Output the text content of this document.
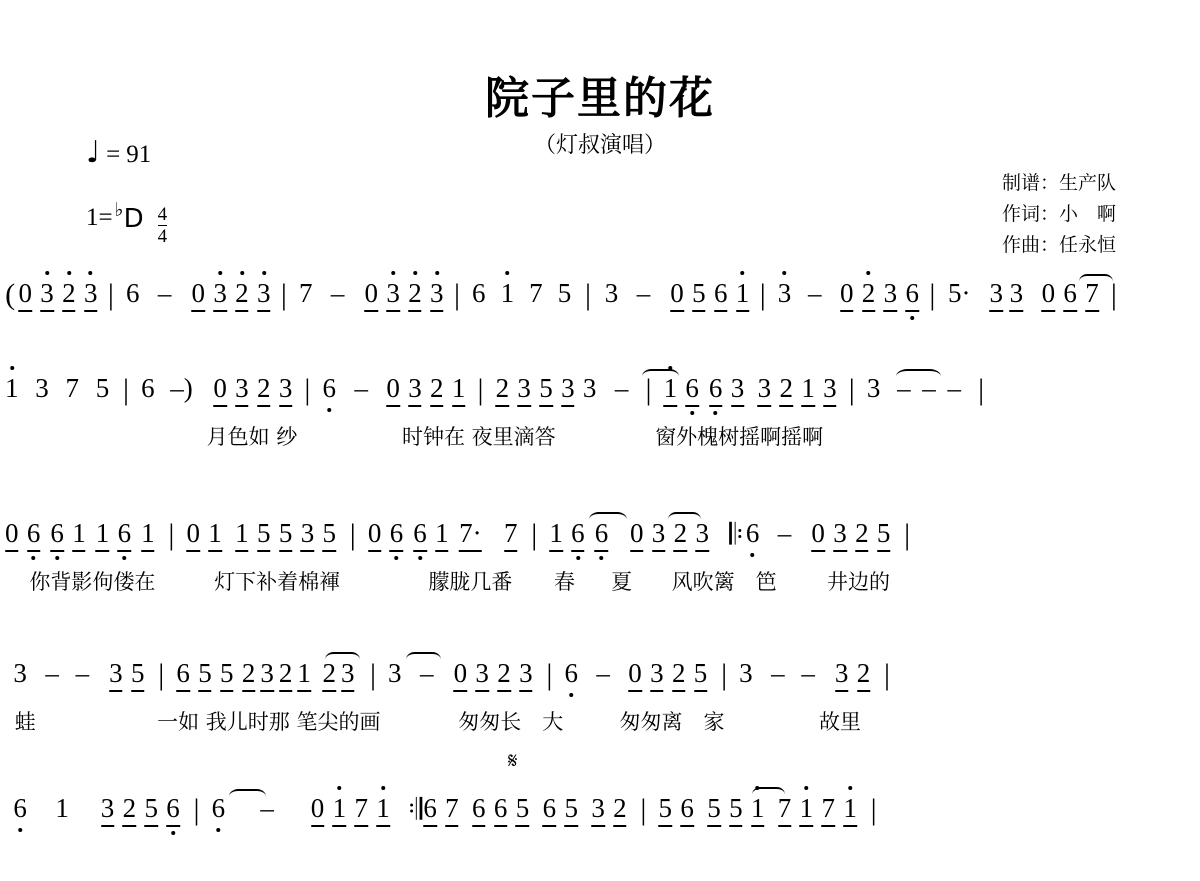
院子里的花
（灯叔演唱）
♩ = 91
1= ♭ D $\frac{4}{4}$
制谱：生产队
作词：小　啊
作曲：任永恒
( 0 3 2 3 | 6 – 0 3 2 3 | 7 – 0 3 2 3 | 6 1 7 5 | 3 – 0 5 6 1 | 3 – 0 2 3 6 | 5· 3 3 0 6 7 |
1 3 7 5 | 6 –) 0 3 2 3 | 6 – 0 3 2 1 | 2 3 5 3 3 – | 1 6 6 3 3 2 1 3 | 3 – – – |
月色如 纱	时钟在 夜里滴答	窗外槐树摇啊摇啊
0 6 6 1 1 6 1 | 0 1 1 5 5 3 5 | 0 6 6 1 7· 7 | 1 6 6 0 3 2 3 𝄆 6 – 0 3 2 5 |
你背影佝偻在	灯下补着棉褌	朦胧几番 春 夏 风吹篱　笆 井边的
3 – – 3 5 | 6 5 5 2 3 2 1 2 3 | 3 – 0 3 2 3 | 6 – 0 3 2 5 | 3 – – 3 2 |
蛙	一如 我儿时那 笔尖的画	匆匆长　大	匆匆离　家	故里
6 1 3 2 5 6 | 6 – 0 1 7 1 𝄇 6 7 6 6 5 6 5 3 2 | 5 6 5 5 1 7 1 7 1 |
𝄋
